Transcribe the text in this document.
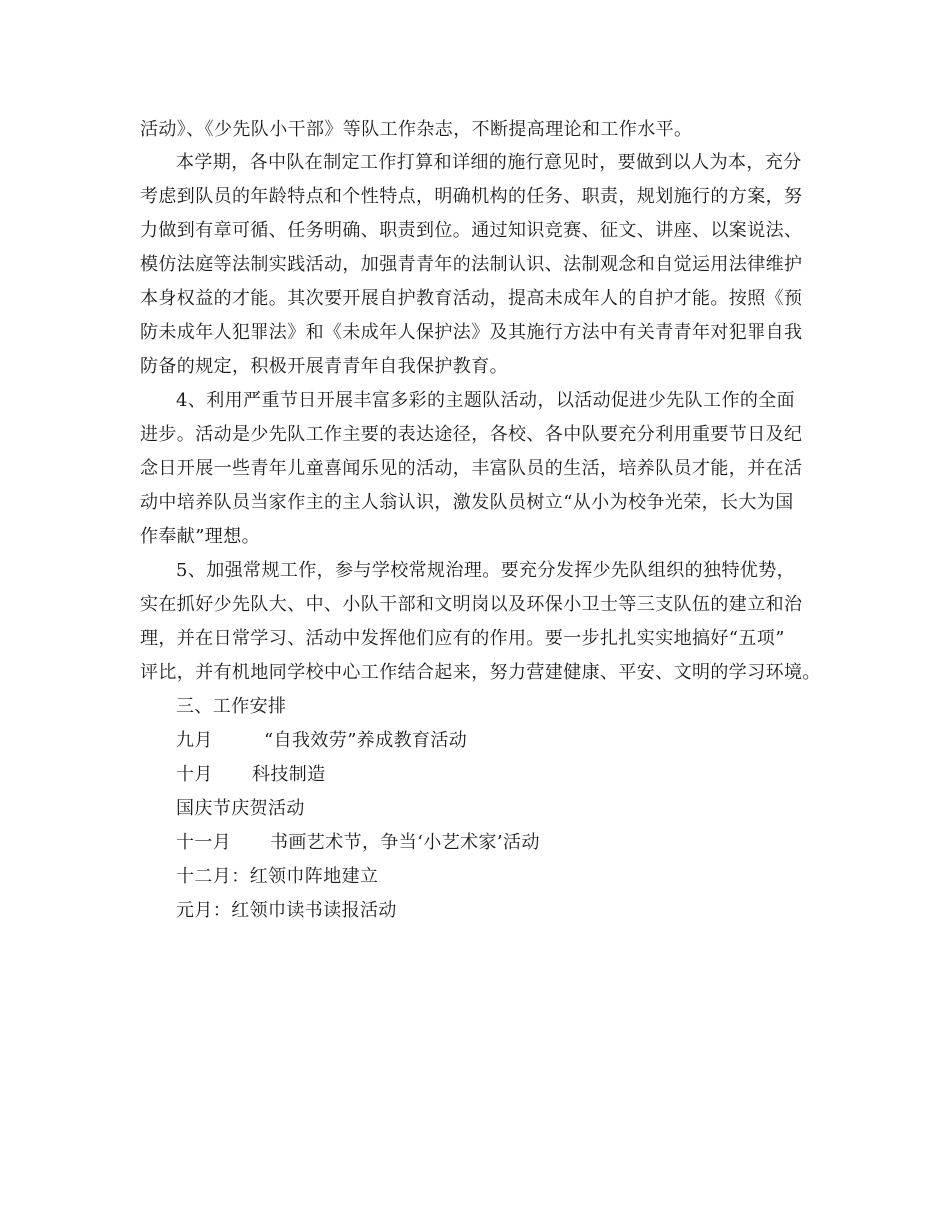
活动》、《少先队小干部》等队工作杂志，不断提高理论和工作水平。
本学期，各中队在制定工作打算和详细的施行意见时，要做到以人为本，充分
考虑到队员的年龄特点和个性特点，明确机构的任务、职责，规划施行的方案，努
力做到有章可循、任务明确、职责到位。通过知识竞赛、征文、讲座、以案说法、
模仿法庭等法制实践活动，加强青青年的法制认识、法制观念和自觉运用法律维护
本身权益的才能。其次要开展自护教育活动，提高未成年人的自护才能。按照《预
防未成年人犯罪法》和《未成年人保护法》及其施行方法中有关青青年对犯罪自我
防备的规定，积极开展青青年自我保护教育。
4、利用严重节日开展丰富多彩的主题队活动，以活动促进少先队工作的全面
进步。活动是少先队工作主要的表达途径，各校、各中队要充分利用重要节日及纪
念日开展一些青年儿童喜闻乐见的活动，丰富队员的生活，培养队员才能，并在活
动中培养队员当家作主的主人翁认识，激发队员树立“从小为校争光荣，长大为国
作奉献”理想。
5、加强常规工作，参与学校常规治理。要充分发挥少先队组织的独特优势，
实在抓好少先队大、中、小队干部和文明岗以及环保小卫士等三支队伍的建立和治
理，并在日常学习、活动中发挥他们应有的作用。要一步扎扎实实地搞好“五项”
评比，并有机地同学校中心工作结合起来，努力营建健康、平安、文明的学习环境。
三、工作安排
九月	“自我效劳”养成教育活动
十月 科技制造
国庆节庆贺活动
十一月 书画艺术节，争当‘小艺术家’活动
十二月：红领巾阵地建立
元月：红领巾读书读报活动
